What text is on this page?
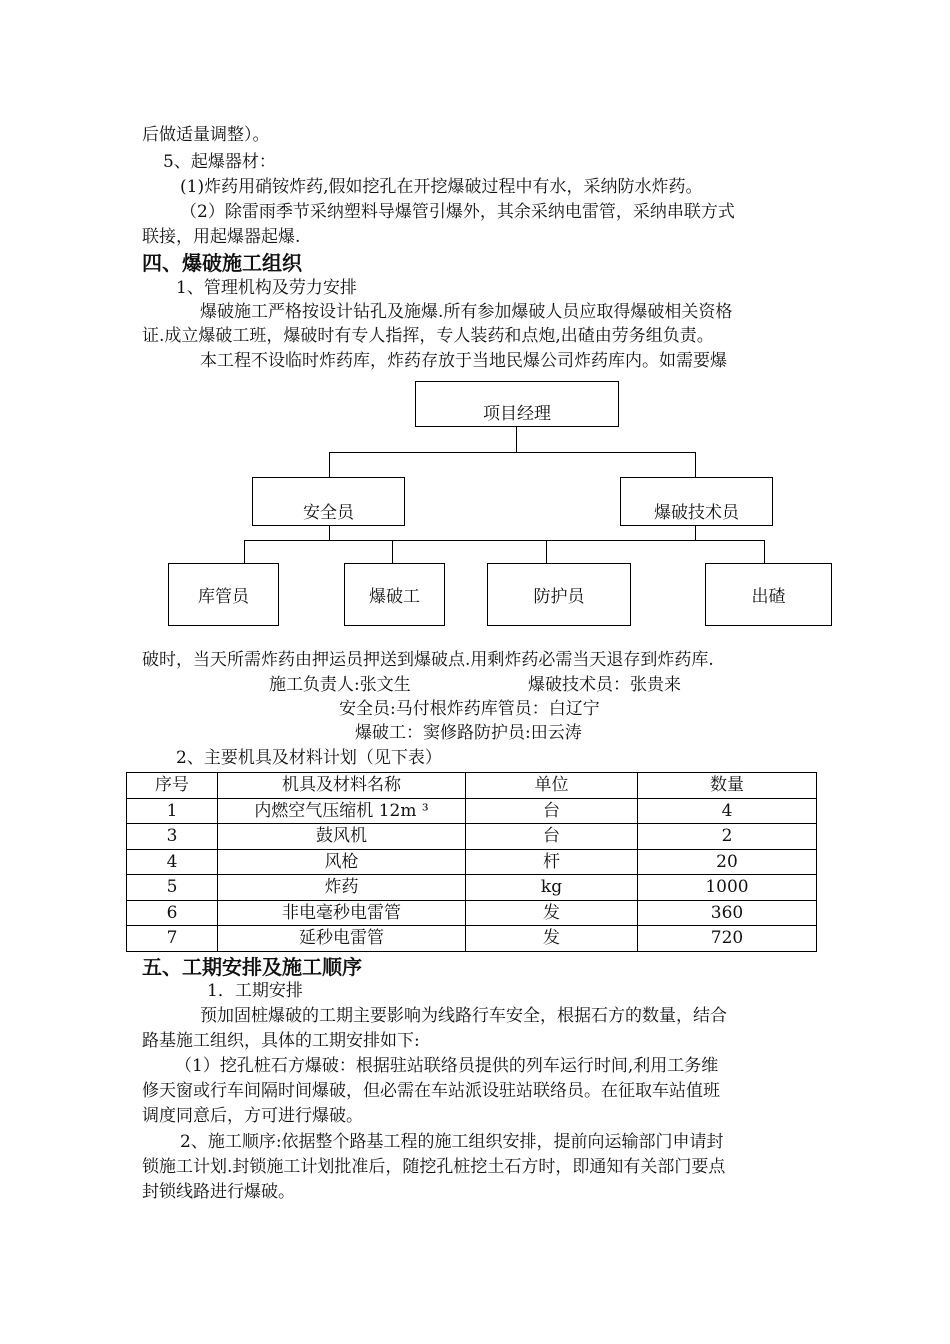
后做适量调整）。
5、起爆器材：
(1)炸药用硝铵炸药,假如挖孔在开挖爆破过程中有水，采纳防水炸药。
（2）除雷雨季节采纳塑料导爆管引爆外，其余采纳电雷管，采纳串联方式
联接，用起爆器起爆.
四、爆破施工组织
1、管理机构及劳力安排
爆破施工严格按设计钻孔及施爆.所有参加爆破人员应取得爆破相关资格
证.成立爆破工班，爆破时有专人指挥，专人装药和点炮,出碴由劳务组负责。
本工程不设临时炸药库，炸药存放于当地民爆公司炸药库内。如需要爆
项目经理
安全员	爆破技术员
库管员	爆破工	防护员	出碴
破时，当天所需炸药由押运员押送到爆破点.用剩炸药必需当天退存到炸药库.
施工负责人:张文生	爆破技术员：张贵来
安全员:马付根炸药库管员：白辽宁
爆破工：窦修路防护员:田云涛
2、主要机具及材料计划（见下表）
序号	机具及材料名称	单位	数量
1	内燃空气压缩机 12m ³	台	4
3	鼓风机	台	2
4	风枪	杆	20
5	炸药	kg	1000
6	非电毫秒电雷管	发	360
7	延秒电雷管	发	720
五、工期安排及施工顺序
1．工期安排
预加固桩爆破的工期主要影响为线路行车安全，根据石方的数量，结合
路基施工组织，具体的工期安排如下:
（1）挖孔桩石方爆破：根据驻站联络员提供的列车运行时间,利用工务维
修天窗或行车间隔时间爆破，但必需在车站派设驻站联络员。在征取车站值班
调度同意后，方可进行爆破。
2、施工顺序:依据整个路基工程的施工组织安排，提前向运输部门申请封
锁施工计划.封锁施工计划批准后，随挖孔桩挖土石方时，即通知有关部门要点
封锁线路进行爆破。
